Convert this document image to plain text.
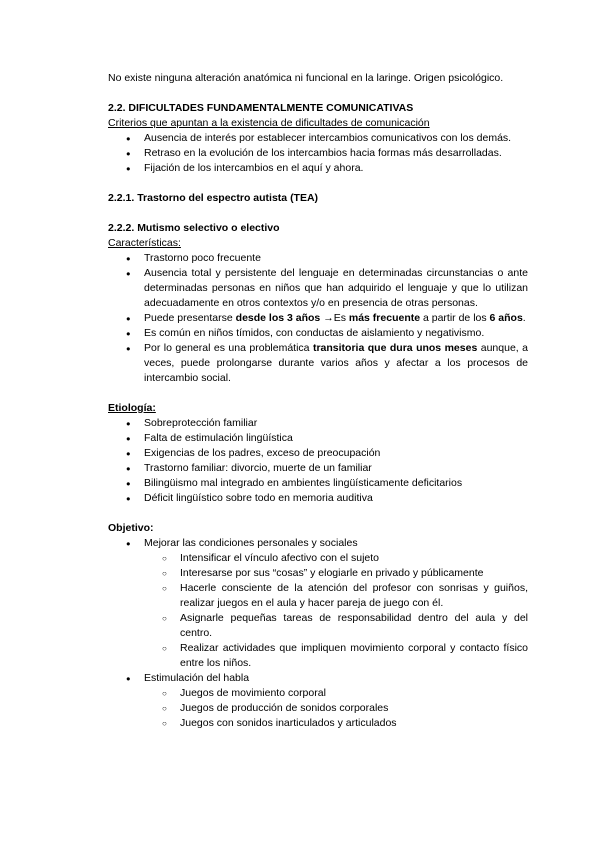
No existe ninguna alteración anatómica ni funcional en la laringe. Origen psicológico.

2.2. DIFICULTADES FUNDAMENTALMENTE COMUNICATIVAS

Criterios que apuntan a la existencia de dificultades de comunicación

● Ausencia de interés por establecer intercambios comunicativos con los demás.
● Retraso en la evolución de los intercambios hacia formas más desarrolladas.
● Fijación de los intercambios en el aquí y ahora.

2.2.1. Trastorno del espectro autista (TEA)

2.2.2. Mutismo selectivo o electivo

Características:

● Trastorno poco frecuente
● Ausencia total y persistente del lenguaje en determinadas circunstancias o ante determinadas personas en niños que han adquirido el lenguaje y que lo utilizan adecuadamente en otros contextos y/o en presencia de otras personas.
● Puede presentarse desde los 3 años →Es más frecuente a partir de los 6 años.
● Es común en niños tímidos, con conductas de aislamiento y negativismo.
● Por lo general es una problemática transitoria que dura unos meses aunque, a veces, puede prolongarse durante varios años y afectar a los procesos de intercambio social.

Etiología:

● Sobreprotección familiar
● Falta de estimulación lingüística
● Exigencias de los padres, exceso de preocupación
● Trastorno familiar: divorcio, muerte de un familiar
● Bilingüismo mal integrado en ambientes lingüísticamente deficitarios
● Déficit lingüístico sobre todo en memoria auditiva

Objetivo:

● Mejorar las condiciones personales y sociales
○ Intensificar el vínculo afectivo con el sujeto
○ Interesarse por sus “cosas” y elogiarle en privado y públicamente
○ Hacerle consciente de la atención del profesor con sonrisas y guiños, realizar juegos en el aula y hacer pareja de juego con él.
○ Asignarle pequeñas tareas de responsabilidad dentro del aula y del centro.
○ Realizar actividades que impliquen movimiento corporal y contacto físico entre los niños.
● Estimulación del habla
○ Juegos de movimiento corporal
○ Juegos de producción de sonidos corporales
○ Juegos con sonidos inarticulados y articulados
